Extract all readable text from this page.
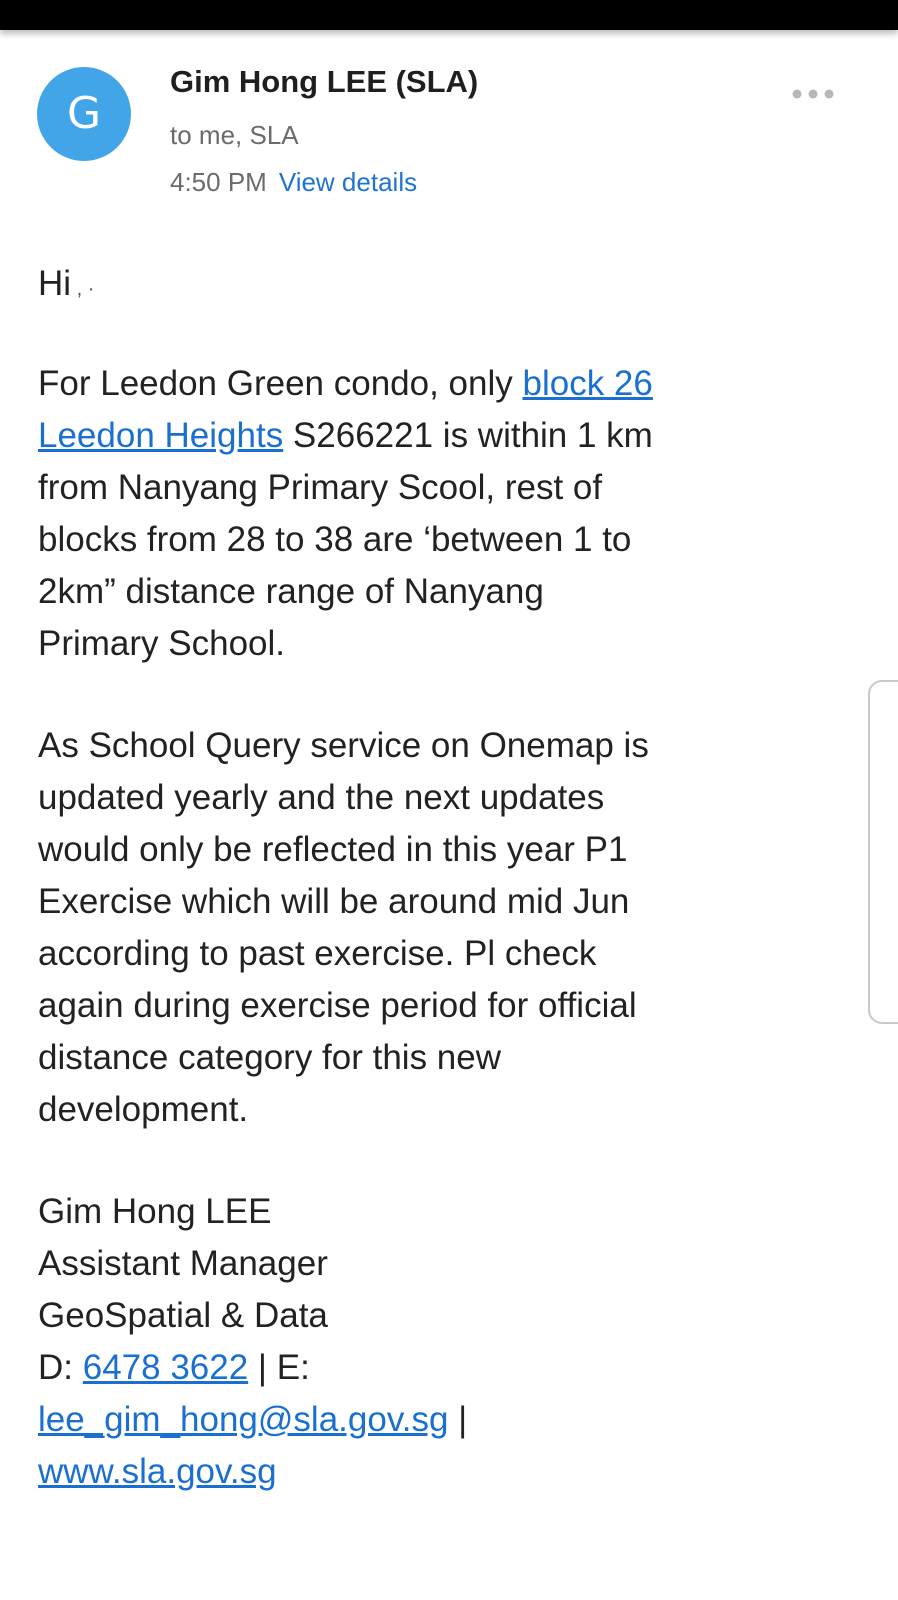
G
Gim Hong LEE (SLA)
to me, SLA
4:50 PM View details
Hi , ·
For Leedon Green condo, only block 26
Leedon Heights S266221 is within 1 km
from Nanyang Primary Scool, rest of
blocks from 28 to 38 are ‘between 1 to
2km” distance range of Nanyang
Primary School.
As School Query service on Onemap is
updated yearly and the next updates
would only be reflected in this year P1
Exercise which will be around mid Jun
according to past exercise. Pl check
again during exercise period for official
distance category for this new
development.
Gim Hong LEE
Assistant Manager
GeoSpatial & Data
D: 6478 3622 | E:
lee_gim_hong@sla.gov.sg |
www.sla.gov.sg
